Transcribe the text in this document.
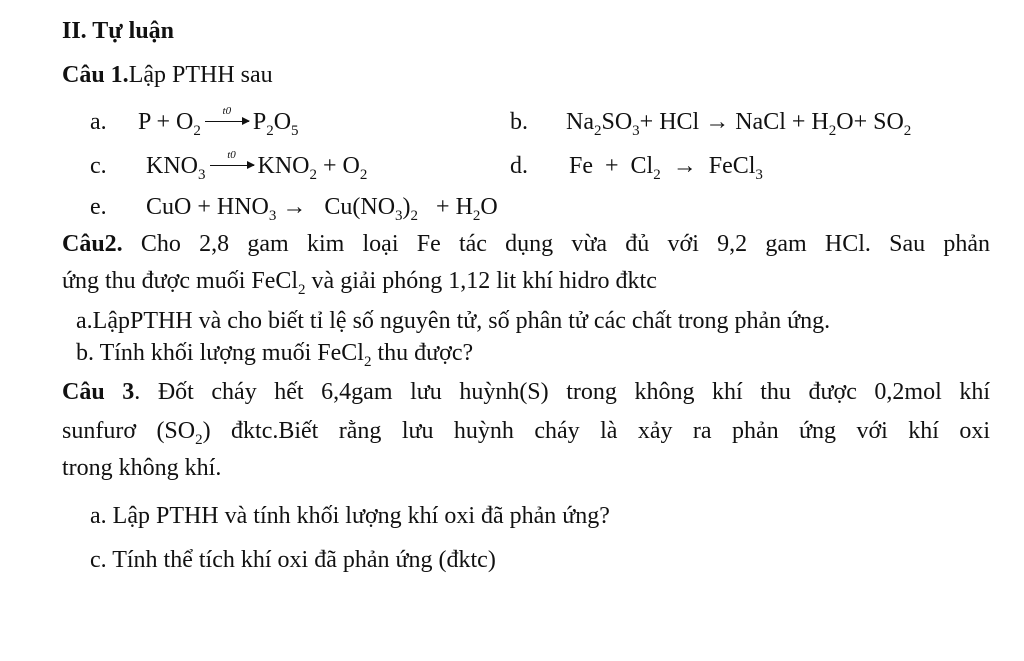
II. Tự luận
Câu 1.Lập PTHH sau
a. $P + O_2$
t0 $P_2O_5$	b. $Na_2SO_3+$ HCl → NaCl + $H_2O+ SO_2$
c. $KNO_3$
t0 $KNO_2 + O_2$	d. $Fe + Cl_2$ → FeCl$_3$
e. CuO + $HNO_3 \to Cu(NO_3)_2 + H_2O$
Câu2. Cho 2,8 gam kim loại Fe tác dụng vừa đủ với 9,2 gam HCl. Sau phản
ứng thu được muối FeCl$_2$ và giải phóng 1,12 lit khí hidro đktc
a.LậpPTHH và cho biết tỉ lệ số nguyên tử, số phân tử các chất trong phản ứng.
b. Tính khối lượng muối FeCl$_2$ thu được?
Câu 3. Đốt cháy hết 6,4gam lưu huỳnh(S) trong không khí thu được 0,2mol khí
sunfurơ $(SO_2)$ đktc.Biết rằng lưu huỳnh cháy là xảy ra phản ứng với khí oxi
trong không khí.
a. Lập PTHH và tính khối lượng khí oxi đã phản ứng?
c. Tính thể tích khí oxi đã phản ứng (đktc)
